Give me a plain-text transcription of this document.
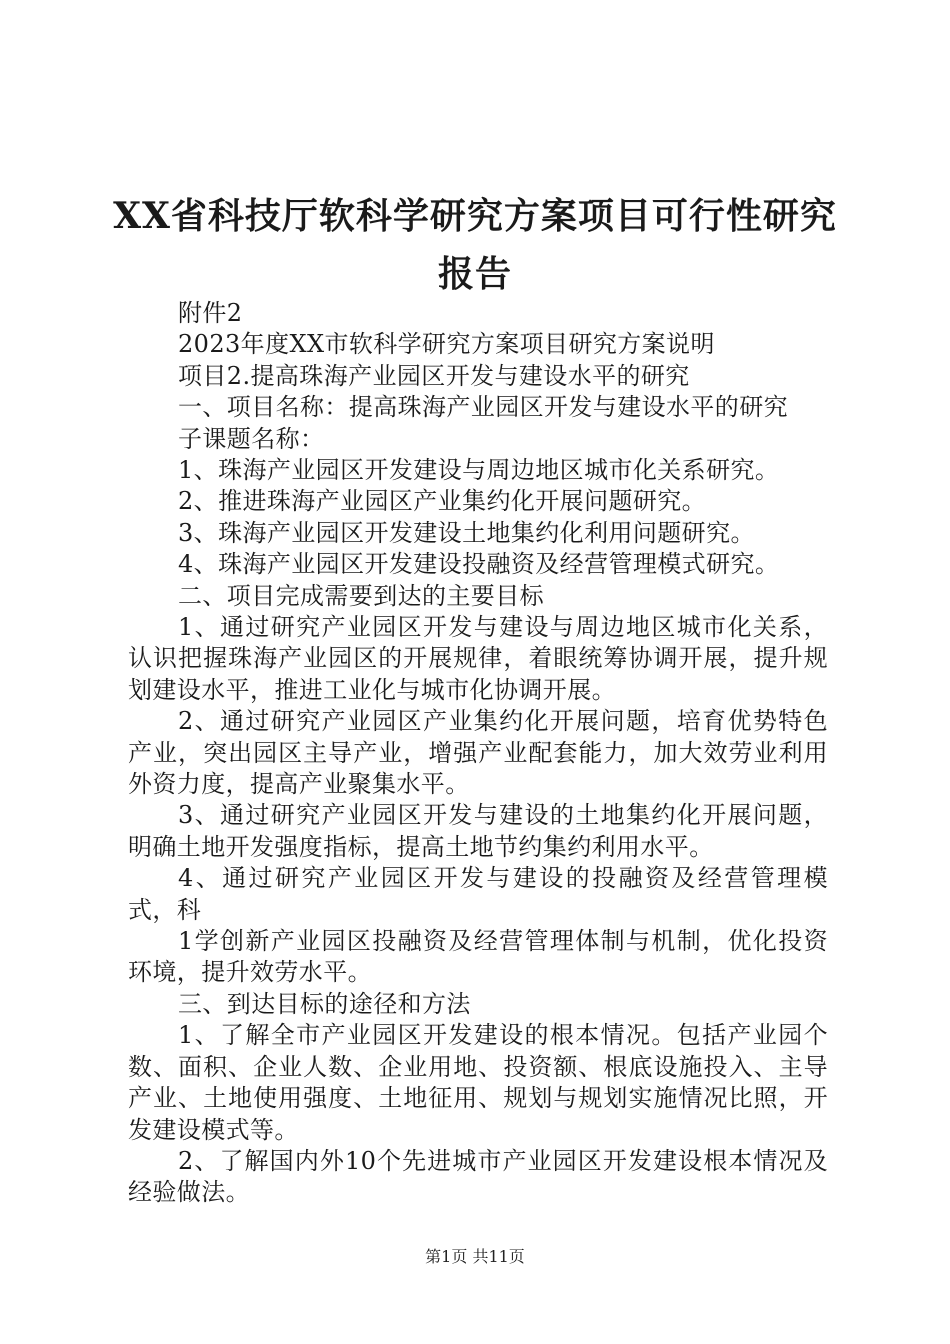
XX省科技厅软科学研究方案项目可行性研究
报告

附件2

2023年度XX市软科学研究方案项目研究方案说明

项目2.提高珠海产业园区开发与建设水平的研究

一、项目名称：提高珠海产业园区开发与建设水平的研究

子课题名称：

1、珠海产业园区开发建设与周边地区城市化关系研究。

2、推进珠海产业园区产业集约化开展问题研究。

3、珠海产业园区开发建设土地集约化利用问题研究。

4、珠海产业园区开发建设投融资及经营管理模式研究。

二、项目完成需要到达的主要目标

1、通过研究产业园区开发与建设与周边地区城市化关系，认识把握珠海产业园区的开展规律，着眼统筹协调开展，提升规划建设水平，推进工业化与城市化协调开展。

2、通过研究产业园区产业集约化开展问题，培育优势特色产业，突出园区主导产业，增强产业配套能力，加大效劳业利用外资力度，提高产业聚集水平。

3、通过研究产业园区开发与建设的土地集约化开展问题，明确土地开发强度指标，提高土地节约集约利用水平。

4、通过研究产业园区开发与建设的投融资及经营管理模式，科

1学创新产业园区投融资及经营管理体制与机制，优化投资环境，提升效劳水平。

三、到达目标的途径和方法

1、了解全市产业园区开发建设的根本情况。包括产业园个数、面积、企业人数、企业用地、投资额、根底设施投入、主导产业、土地使用强度、土地征用、规划与规划实施情况比照，开发建设模式等。

2、了解国内外10个先进城市产业园区开发建设根本情况及经验做法。

第1页 共11页
